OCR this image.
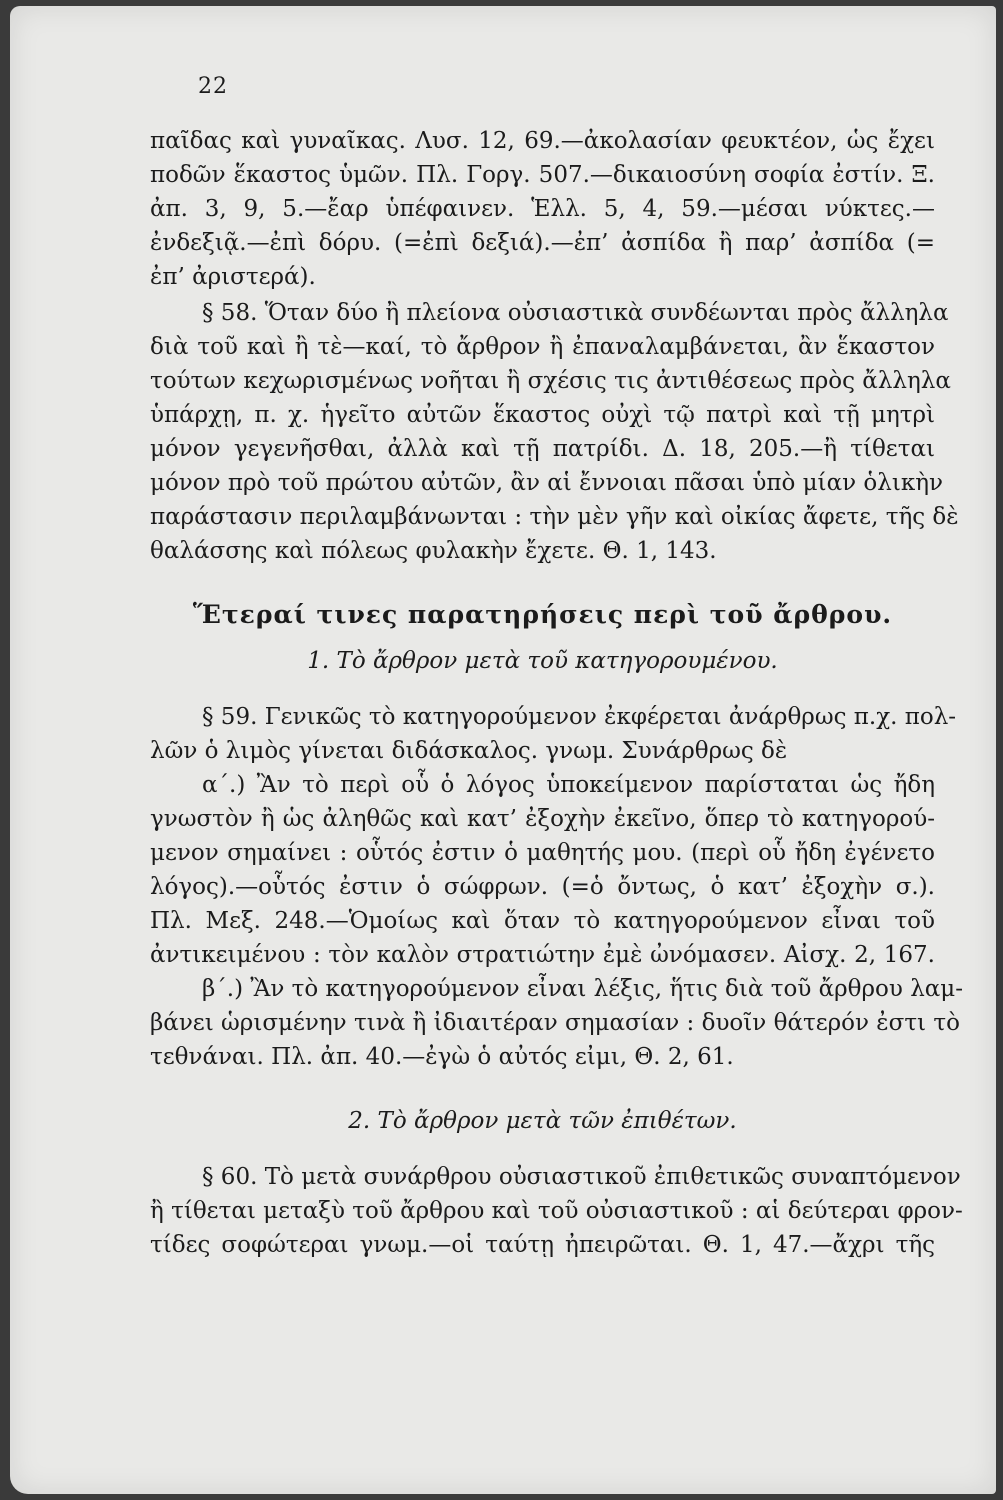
22
παῖδας καὶ γυναῖκας. Λυσ. 12, 69.—ἀκολασίαν φευκτέον, ὡς ἔχει
ποδῶν ἕκαστος ὑμῶν. Πλ. Γοργ. 507.—δικαιοσύνη σοφία ἐστίν. Ξ.
ἀπ. 3, 9, 5.—ἔαρ ὑπέφαινεν. Ἑλλ. 5, 4, 59.—μέσαι νύκτες.—
ἐνδεξιᾷ.—ἐπὶ δόρυ. (=ἐπὶ δεξιά).—ἐπ’ ἀσπίδα ἢ παρ’ ἀσπίδα (=
ἐπ’ ἀριστερά).
§ 58. Ὅταν δύο ἢ πλείονα οὐσιαστικὰ συνδέωνται πρὸς ἄλληλα
διὰ τοῦ καὶ ἢ τὲ—καί, τὸ ἄρθρον ἢ ἐπαναλαμβάνεται, ἂν ἕκαστον
τούτων κεχωρισμένως νοῆται ἢ σχέσις τις ἀντιθέσεως πρὸς ἄλληλα
ὑπάρχῃ, π. χ. ἡγεῖτο αὐτῶν ἕκαστος οὐχὶ τῷ πατρὶ καὶ τῇ μητρὶ
μόνον γεγενῆσθαι, ἀλλὰ καὶ τῇ πατρίδι. Δ. 18, 205.—ἢ τίθεται
μόνον πρὸ τοῦ πρώτου αὐτῶν, ἂν αἱ ἔννοιαι πᾶσαι ὑπὸ μίαν ὁλικὴν
παράστασιν περιλαμβάνωνται : τὴν μὲν γῆν καὶ οἰκίας ἄφετε, τῆς δὲ
θαλάσσης καὶ πόλεως φυλακὴν ἔχετε. Θ. 1, 143.
Ἕτεραί τινες παρατηρήσεις περὶ τοῦ ἄρθρου.
1. Τὸ ἄρθρον μετὰ τοῦ κατηγορουμένου.
§ 59. Γενικῶς τὸ κατηγορούμενον ἐκφέρεται ἀνάρθρως π.χ. πολ-
λῶν ὁ λιμὸς γίνεται διδάσκαλος. γνωμ. Συνάρθρως δὲ
α΄.) Ἂν τὸ περὶ οὗ ὁ λόγος ὑποκείμενον παρίσταται ὡς ἤδη
γνωστὸν ἢ ὡς ἀληθῶς καὶ κατ’ ἐξοχὴν ἐκεῖνο, ὅπερ τὸ κατηγορού-
μενον σημαίνει : οὗτός ἐστιν ὁ μαθητής μου. (περὶ οὗ ἤδη ἐγένετο
λόγος).—οὗτός ἐστιν ὁ σώφρων. (=ὁ ὄντως, ὁ κατ’ ἐξοχὴν σ.).
Πλ. Μεξ. 248.—Ὁμοίως καὶ ὅταν τὸ κατηγορούμενον εἶναι τοῦ
ἀντικειμένου : τὸν καλὸν στρατιώτην ἐμὲ ὠνόμασεν. Αἰσχ. 2, 167.
β΄.) Ἂν τὸ κατηγορούμενον εἶναι λέξις, ἥτις διὰ τοῦ ἄρθρου λαμ-
βάνει ὡρισμένην τινὰ ἢ ἰδιαιτέραν σημασίαν : δυοῖν θάτερόν ἐστι τὸ
τεθνάναι. Πλ. ἀπ. 40.—ἐγὼ ὁ αὐτός εἰμι, Θ. 2, 61.
2. Τὸ ἄρθρον μετὰ τῶν ἐπιθέτων.
§ 60. Τὸ μετὰ συνάρθρου οὐσιαστικοῦ ἐπιθετικῶς συναπτόμενον
ἢ τίθεται μεταξὺ τοῦ ἄρθρου καὶ τοῦ οὐσιαστικοῦ : αἱ δεύτεραι φρον-
τίδες σοφώτεραι γνωμ.—οἱ ταύτῃ ἠπειρῶται. Θ. 1, 47.—ἄχρι τῆς
